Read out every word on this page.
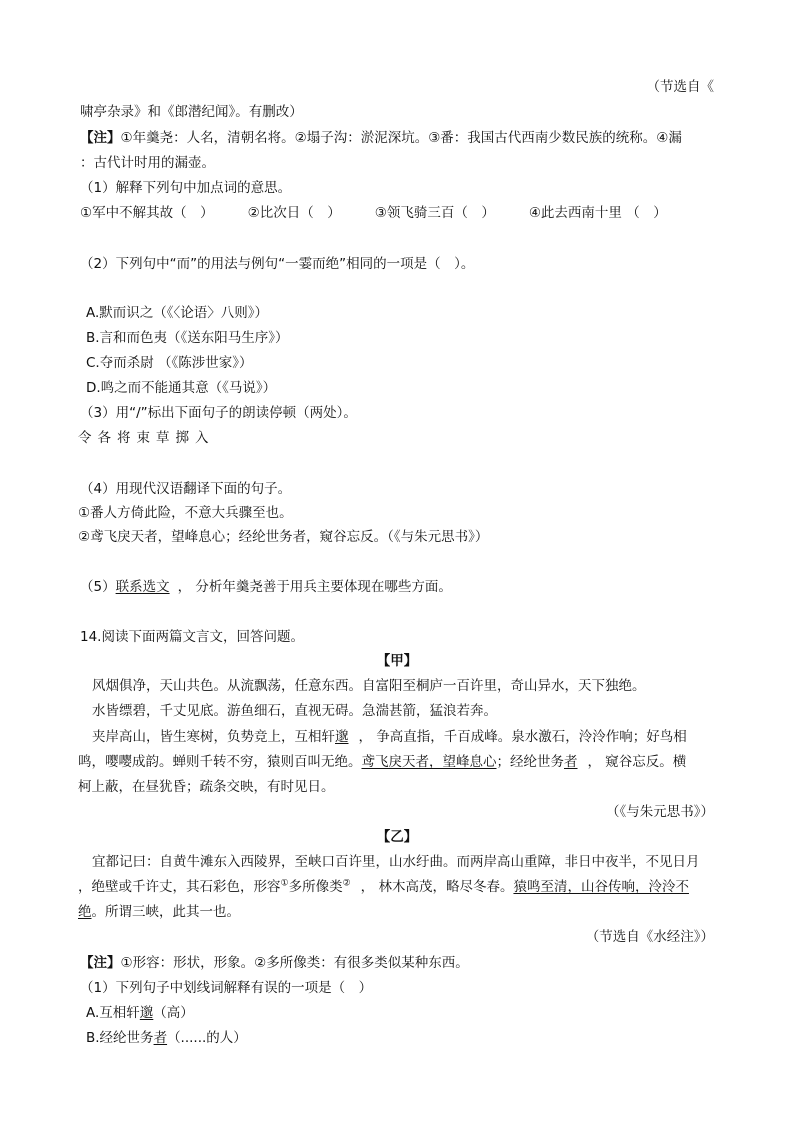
（节选自《
啸亭杂录》和《郎潜纪闻》。有删改）
【注】①年羹尧：人名，清朝名将。②塌子沟：淤泥深坑。③番：我国古代西南少数民族的统称。④漏
：古代计时用的漏壶。
（1）解释下列句中加点词的意思。
①军中不解其故（　）	②比次日（　）	③领飞骑三百（　）	④此去西南十里 （　）
（2）下列句中“而”的用法与例句“一霎而绝”相同的一项是（　）。
A.默而识之（《〈论语〉八则》）
B.言和而色夷（《送东阳马生序》）
C.夺而杀尉 （《陈涉世家》）
D.鸣之而不能通其意（《马说》）
（3）用“/”标出下面句子的朗读停顿（两处）。
令各将束草掷入
（4）用现代汉语翻译下面的句子。
①番人方倚此险，不意大兵骤至也。
②鸢飞戾天者，望峰息心；经纶世务者，窥谷忘反。（《与朱元思书》）
（5）联系选文 ， 分析年羹尧善于用兵主要体现在哪些方面。
14.阅读下面两篇文言文，回答问题。
【甲】
风烟俱净，天山共色。从流飘荡，任意东西。自富阳至桐庐一百许里，奇山异水，天下独绝。
水皆缥碧，千丈见底。游鱼细石，直视无碍。急湍甚箭，猛浪若奔。
夹岸高山，皆生寒树，负势竞上，互相轩邈 ， 争高直指，千百成峰。泉水激石，泠泠作响；好鸟相
鸣，嘤嘤成韵。蝉则千转不穷，猿则百叫无绝。鸢飞戾天者，望峰息心；经纶世务者 ， 窥谷忘反。横
柯上蔽，在昼犹昏；疏条交映，有时见日。
（《与朱元思书》）
【乙】
宜都记曰：自黄牛滩东入西陵界，至峡口百许里，山水纡曲。而两岸高山重障，非日中夜半，不见日月
，绝壁或千许丈，其石彩色，形容①多所像类② ， 林木高茂，略尽冬春。猿鸣至清，山谷传响，泠泠不
绝。所谓三峡，此其一也。
（节选自《水经注》）
【注】①形容：形状，形象。②多所像类：有很多类似某种东西。
（1）下列句子中划线词解释有误的一项是（　）
A.互相轩邈（高）
B.经纶世务者（......的人）
